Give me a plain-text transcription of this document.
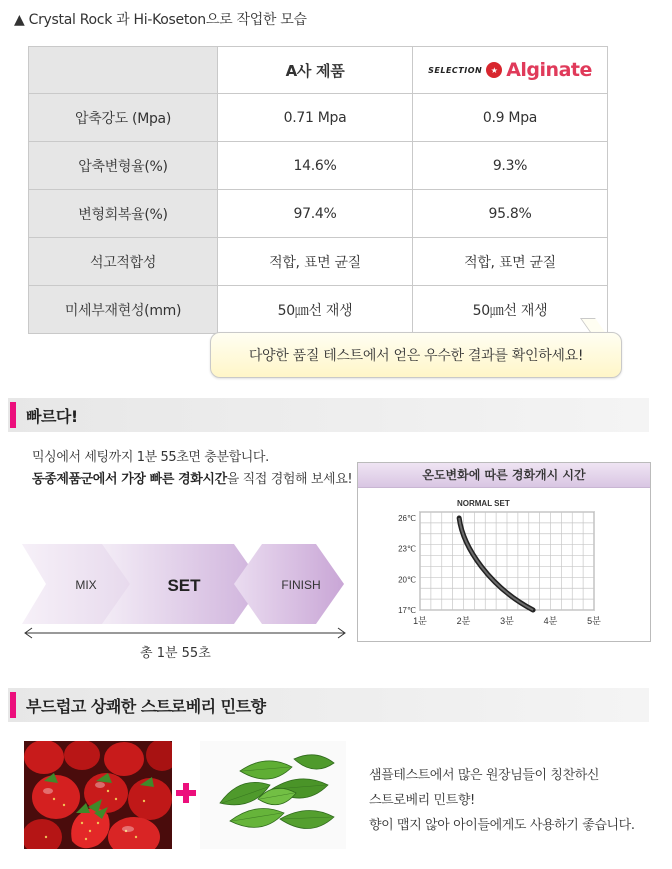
▲ Crystal Rock 과 Hi-Koseton으로 작업한 모습
	A사 제품	SELECTION ★ Alginate

압축강도 (Mpa)	0.71 Mpa	0.9 Mpa
압축변형율(%)	14.6%	9.3%
변형회복율(%)	97.4%	95.8%
석고적합성	적합, 표면 균질	적합, 표면 균질
미세부재현성(mm)	50㎛선 재생	50㎛선 재생
다양한 품질 테스트에서 얻은 우수한 결과를 확인하세요!
빠르다!
믹싱에서 세팅까지 1분 55초면 충분합니다.
동종제품군에서 가장 빠른 경화시간을 직접 경험해 보세요!
MIX	SET	FINISH
총 1분 55초
온도변화에 따른 경화개시 시간
26℃
23℃
20℃
17℃
1분	2분	3분	4분	5분
NORMAL SET
부드럽고 상쾌한 스트로베리 민트향
샘플테스트에서 많은 원장님들이 칭찬하신
스트로베리 민트향!
향이 맵지 않아 아이들에게도 사용하기 좋습니다.
